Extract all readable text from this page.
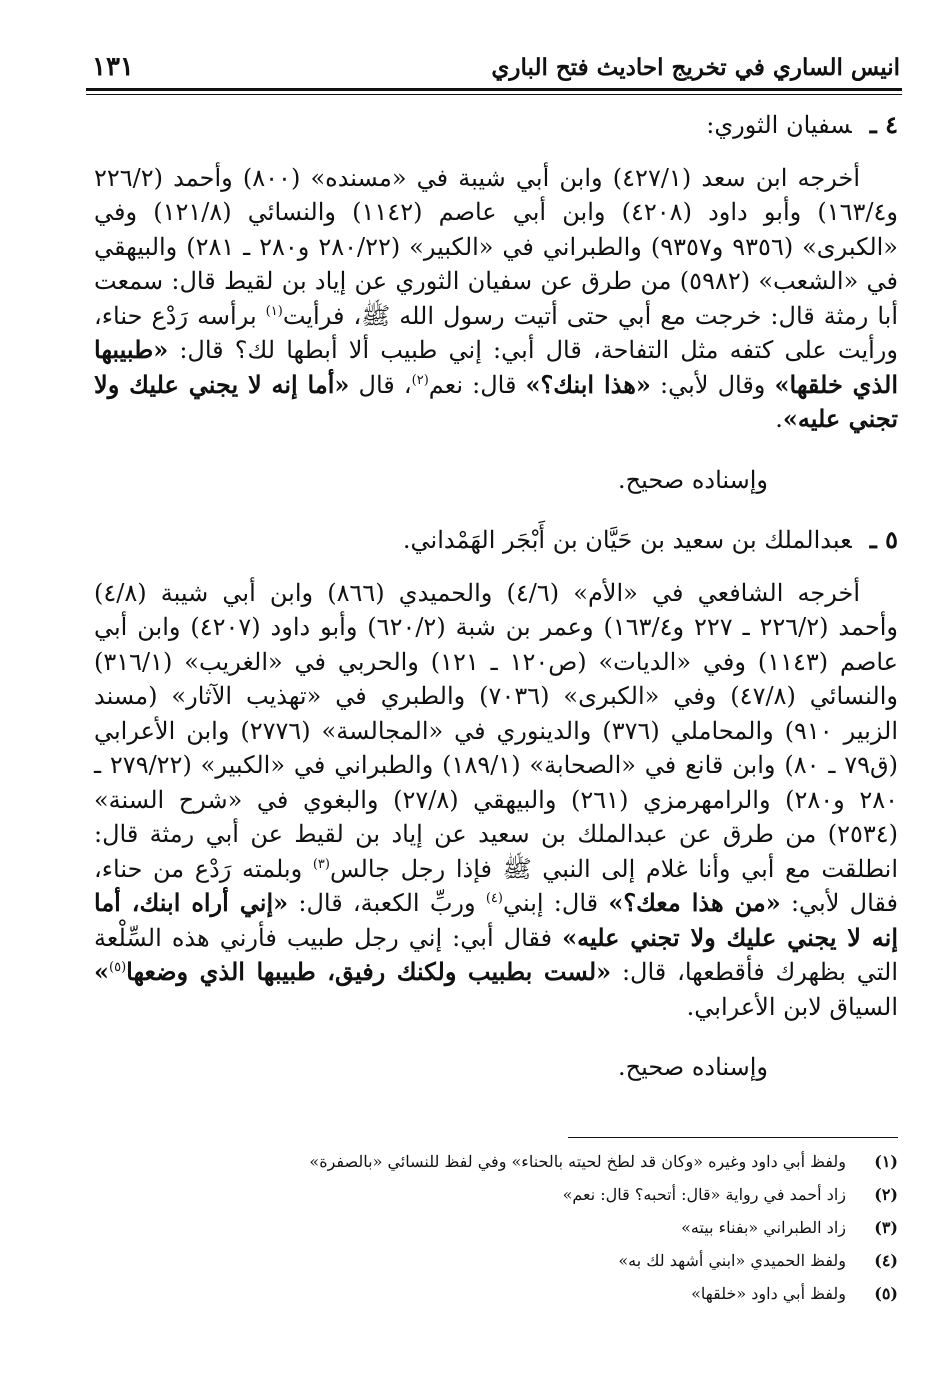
انيس الساري في تخريج احاديث فتح الباري
١٣١

٤ ـسفيان الثوري:

أخرجه ابن سعد (٤٢٧/١) وابن أبي شيبة في «مسنده» (٨٠٠) وأحمد (٢٢٦/٢ و١٦٣/٤) وأبو داود (٤٢٠٨) وابن أبي عاصم (١١٤٢) والنسائي (١٢١/٨) وفي «الكبرى» (٩٣٥٦ و٩٣٥٧) والطبراني في «الكبير» (٢٨٠/٢٢ و٢٨٠ ـ ٢٨١) والبيهقي في «الشعب» (٥٩٨٢) من طرق عن سفيان الثوري عن إياد بن لقيط قال: سمعت أبا رمثة قال: خرجت مع أبي حتى أتيت رسول الله ﷺ، فرأيت$^{(١)}$ برأسه رَدْع حناء، ورأيت على كتفه مثل التفاحة، قال أبي: إني طبيب ألا أبطها لك؟ قال: «طبيبها الذي خلقها» وقال لأبي: «هذا ابنك؟» قال: نعم$^{(٢)}$، قال «أما إنه لا يجني عليك ولا تجني عليه».

وإسناده صحيح.

٥ ـعبدالملك بن سعيد بن حَيَّان بن أَبْجَر الهَمْداني.

أخرجه الشافعي في «الأم» (٤/٦) والحميدي (٨٦٦) وابن أبي شيبة (٤/٨) وأحمد (٢٢٦/٢ ـ ٢٢٧ و١٦٣/٤) وعمر بن شبة (٦٢٠/٢) وأبو داود (٤٢٠٧) وابن أبي عاصم (١١٤٣) وفي «الديات» (ص١٢٠ ـ ١٢١) والحربي في «الغريب» (٣١٦/١) والنسائي (٤٧/٨) وفي «الكبرى» (٧٠٣٦) والطبري في «تهذيب الآثار» (مسند الزبير ٩١٠) والمحاملي (٣٧٦) والدينوري في «المجالسة» (٢٧٧٦) وابن الأعرابي (ق٧٩ ـ ٨٠) وابن قانع في «الصحابة» (١٨٩/١) والطبراني في «الكبير» (٢٧٩/٢٢ ـ ٢٨٠ و٢٨٠) والرامهرمزي (٢٦١) والبيهقي (٢٧/٨) والبغوي في «شرح السنة» (٢٥٣٤) من طرق عن عبدالملك بن سعيد عن إياد بن لقيط عن أبي رمثة قال: انطلقت مع أبي وأنا غلام إلى النبي ﷺ فإذا رجل جالس$^{(٣)}$ وبلمته رَدْع من حناء، فقال لأبي: «من هذا معك؟» قال: إبني$^{(٤)}$ وربِّ الكعبة، قال: «إني أراه ابنك، أما إنه لا يجني عليك ولا تجني عليه» فقال أبي: إني رجل طبيب فأرني هذه السِّلْعة التي بظهرك فأقطعها، قال: «لست بطبيب ولكنك رفيق، طبيبها الذي وضعها$^{(٥)}$» السياق لابن الأعرابي.

وإسناده صحيح.

(١)ولفظ أبي داود وغيره «وكان قد لطخ لحيته بالحناء» وفي لفظ للنسائي «بالصفرة»
(٢)زاد أحمد في رواية «قال: أتحبه؟ قال: نعم»
(٣)زاد الطبراني «بفناء بيته»
(٤)ولفظ الحميدي «ابني أشهد لك به»
(٥)ولفظ أبي داود «خلقها»
